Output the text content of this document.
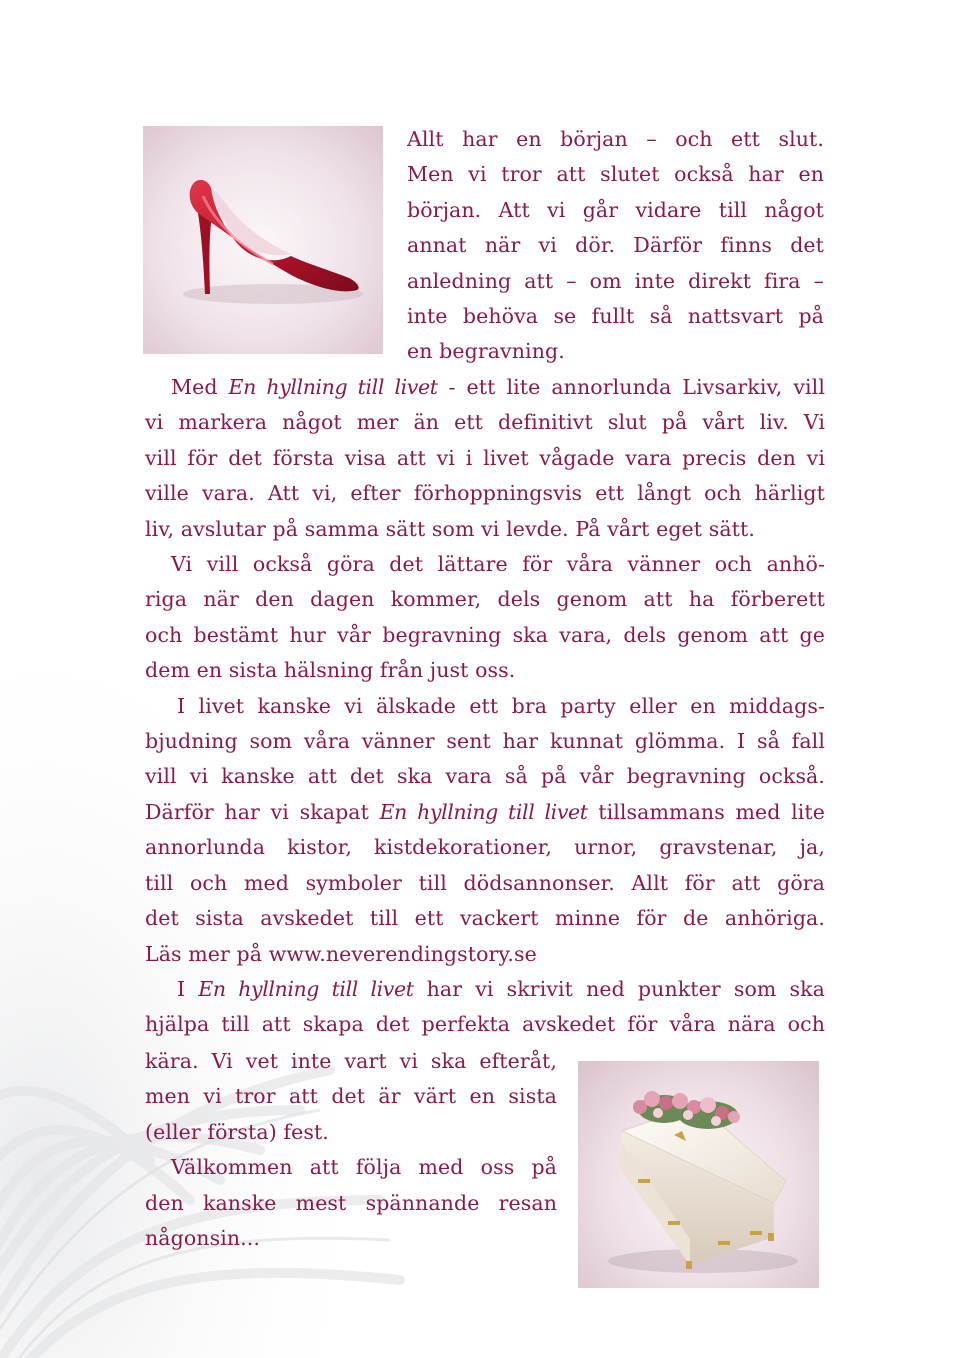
Allt har en början – och ett slut.
Men vi tror att slutet också har en
början. Att vi går vidare till något
annat när vi dör. Därför finns det
anledning att – om inte direkt fira –
inte behöva se fullt så nattsvart på
en begravning.
Med En hyllning till livet - ett lite annorlunda Livsarkiv, vill
vi markera något mer än ett definitivt slut på vårt liv. Vi
vill för det första visa att vi i livet vågade vara precis den vi
ville vara. Att vi, efter förhoppningsvis ett långt och härligt
liv, avslutar på samma sätt som vi levde. På vårt eget sätt.
Vi vill också göra det lättare för våra vänner och anhö-
riga när den dagen kommer, dels genom att ha förberett
och bestämt hur vår begravning ska vara, dels genom att ge
dem en sista hälsning från just oss.
I livet kanske vi älskade ett bra party eller en middags-
bjudning som våra vänner sent har kunnat glömma. I så fall
vill vi kanske att det ska vara så på vår begravning också.
Därför har vi skapat En hyllning till livet tillsammans med lite
annorlunda kistor, kistdekorationer, urnor, gravstenar, ja,
till och med symboler till dödsannonser. Allt för att göra
det sista avskedet till ett vackert minne för de anhöriga.
Läs mer på www.neverendingstory.se
I En hyllning till livet har vi skrivit ned punkter som ska
hjälpa till att skapa det perfekta avskedet för våra nära och
kära. Vi vet inte vart vi ska efteråt,
men vi tror att det är värt en sista
(eller första) fest.
Välkommen att följa med oss på
den kanske mest spännande resan
någonsin...
